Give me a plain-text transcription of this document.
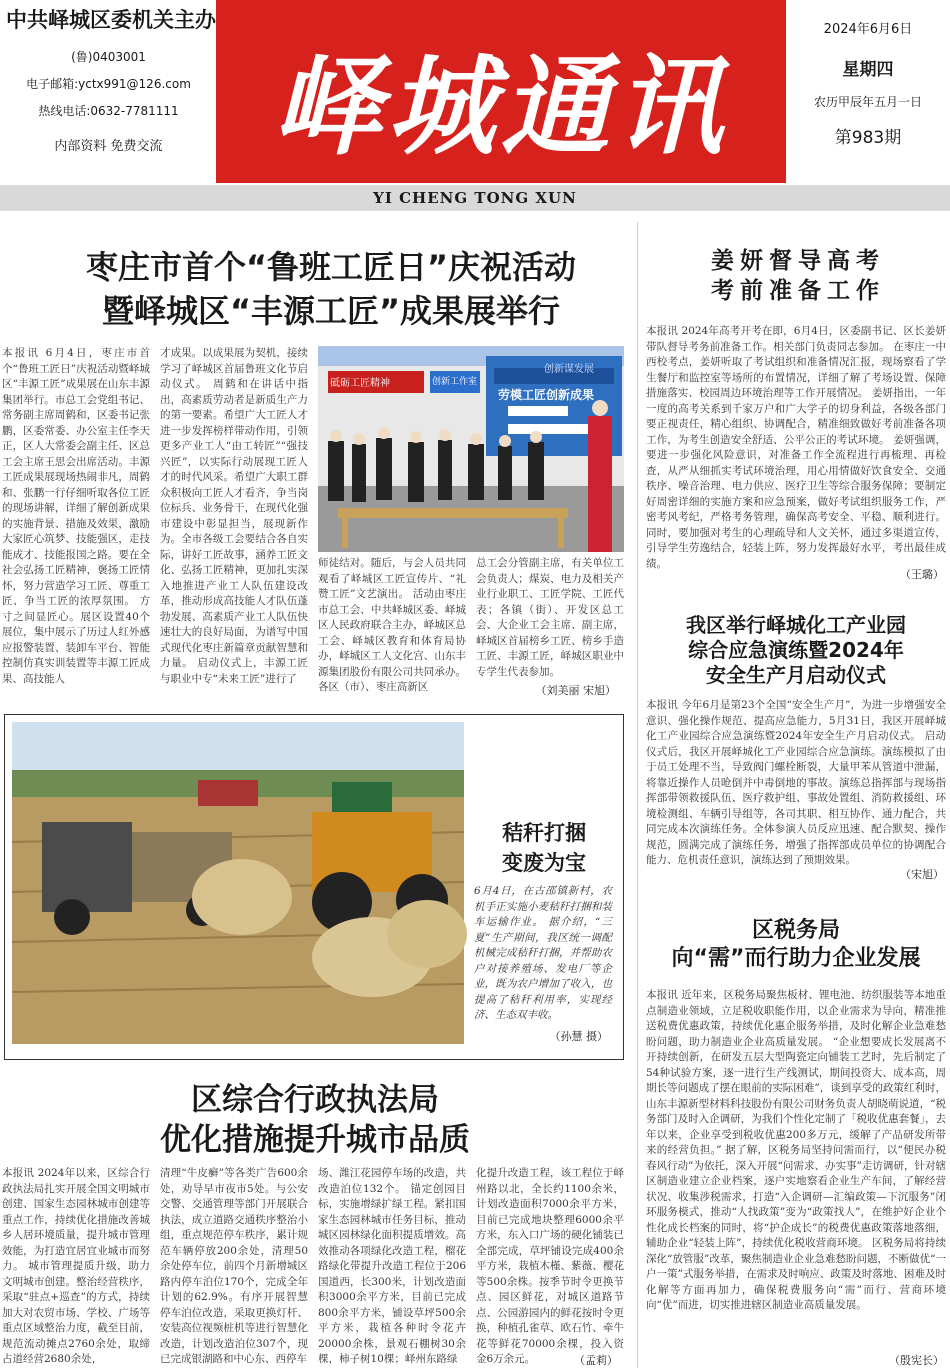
中共峄城区委机关主办
(鲁)0403001
电子邮箱:yctx991@126.com
热线电话:0632-7781111
内部资料 免费交流	峄城通讯
2024年6月6日
星期四
农历甲辰年五月一日
第983期
YI CHENG TONG XUN
枣庄市首个“鲁班工匠日”庆祝活动
暨峄城区“丰源工匠”成果展举行
本报讯 6月4日，枣庄市首个“鲁班工匠日”庆祝活动暨峄城区“丰源工匠”成果展在山东丰源集团举行。市总工会党组书记、常务副主席周鹤和，区委书记张鹏，区委常委、办公室主任李天正，区人大常委会副主任、区总工会主席王思会出席活动。丰源工匠成果展现场热闹非凡，周鹤和、张鹏一行仔细听取各位工匠的现场讲解，详细了解创新成果的实施背景、措施及效果，激励大家匠心筑梦、技能强区，走技能成才、技能报国之路。要在全社会弘扬工匠精神，褒扬工匠情怀，努力营造学习工匠、尊重工匠、争当工匠的浓厚氛围。 方寸之间显匠心。展区设置40个展位，集中展示了历过人红外感应报警装置、装卸车平台、智能控制仿真实训装置等丰源工匠成果、高技能人
才成果。以成果展为契机，接续学习了峄城区首届鲁班文化节启动仪式。 周鹤和在讲话中指出，高素质劳动者是新质生产力的第一要素。希望广大工匠人才进一步发挥榜样带动作用，引领更多产业工人“由工转匠”“强技兴匠”，以实际行动展现工匠人才的时代风采。希望广大职工群众积极向工匠人才看齐，争当岗位标兵、业务骨干，在现代化强市建设中彰显担当，展现新作为。全市各级工会要结合各自实际，讲好工匠故事，涵养工匠文化、弘扬工匠精神，更加扎实深入地推进产业工人队伍建设改革，推动形成高技能人才队伍蓬勃发展、高素质产业工人队伍快速壮大的良好局面，为谱写中国式现代化枣庄新篇章贡献智慧和力量。 启动仪式上，丰源工匠与职业中专“未来工匠”进行了
砥砺工匠精神	创新工作室
劳模工匠创新成果
创新谋发展
师徒结对。随后，与会人员共同观看了峄城区工匠宣传片、“礼赞工匠”文艺演出。 活动由枣庄市总工会、中共峄城区委、峄城区人民政府联合主办，峄城区总工会、峄城区教育和体育局协办，峄城区工人文化宫、山东丰源集团股份有限公司共同承办。 各区（市）、枣庄高新区
总工会分管副主席，有关单位工会负责人；煤炭、电力及相关产业行业职工、工匠学院、工匠代表；各镇（街）、开发区总工会、大企业工会主席、副主席，峄城区首届榜乡工匠、榜乡手造工匠、丰源工匠，峄城区职业中专学生代表参加。
（刘美丽 宋旭）
秸秆打捆
变废为宝
6月4日，在古邵镇新村，农机手正实施小麦秸秆打捆和装车运输作业。 据介绍，“三夏”生产期间，我区统一调配机械完成秸秆打捆，并帮助农户对接养殖场、发电厂等企业，既为农户增加了收入，也提高了秸秆利用率，实现经济、生态双丰收。
（孙慧 摄）
区综合行政执法局
优化措施提升城市品质
本报讯 2024年以来，区综合行政执法局扎实开展全国文明城市创建、国家生态园林城市创建等重点工作，持续优化措施改善城乡人居环境质量，提升城市管理效能，为打造宜居宜业城市而努力。 城市管理提质升级，助力文明城市创建。整治经营秩序，采取“驻点+巡查”的方式，持续加大对农贸市场、学校、广场等重点区域整治力度，截至目前，规范流动摊点2760余处，取缔占道经营2680余处，
清理“牛皮癣”等各类广告600余处，劝导早市夜市5处。与公安交警、交通管理等部门开展联合执法，成立道路交通秩序整治小组，重点规范停车秩序，累计规范车辆停放200余处，清理50余处停车位，前四个月新增城区路内停车泊位170个，完成全年计划的62.9%。有序开展智慧停车泊位改造，采取更换灯杆、安装高位视频桩机等进行智慧化改造，计划改造泊位307个，现已完成银湖路和中心东、西停车
场、潍江花园停车场的改造，共改造泊位132个。 锚定创园目标，实施增绿扩绿工程。紧扣国家生态园林城市任务目标，推动城区园林绿化面积提质增效。高效推动各项绿化改造工程，榴花路绿化带提升改造工程位于206国道西，长300米，计划改造面积3000余平方米，目前已完成800余平方米，铺设草坪500余平方米，栽植各种时令花卉20000余株，景观石棚树30余棵，柿子树10棵；峄州东路绿
化提升改造工程，该工程位于峄州路以北，全长约1100余米，计划改造面积7000余平方米，目前已完成地块整理6000余平方米，东入口广场的硬化铺装已全部完成，草坪铺设完成400余平方米，栽植木槿、紫薇、樱花等500余株。按季节时令更换节点、园区鲜花，对城区道路节点、公园游园内的鲜花按时令更换，种植孔雀草、欧石竹、牵牛花等鲜花70000余棵，投入资金6万余元。	（孟莉）
姜妍督导高考
考前准备工作
本报讯 2024年高考开考在即，6月4日，区委副书记、区长姜妍带队督导考务前准备工作。相关部门负责同志参加。 在枣庄一中西校考点，姜妍听取了考试组织和准备情况汇报，现场察看了学生餐厅和监控室等场所的布置情况，详细了解了考场设置、保障措施落实、校园周边环境治理等工作开展情况。 姜妍指出，一年一度的高考关系到千家万户和广大学子的切身利益，各级各部门要正视责任，精心组织、协调配合，精准细致做好考前准备各项工作，为考生创造安全舒适、公平公正的考试环境。 姜妍强调，要进一步强化风险意识，对准备工作全流程进行再梳理、再检查，从严从细抓实考试环境治理，用心用情做好饮食安全、交通秩序、噪音治理、电力供应、医疗卫生等综合服务保障；要制定好周密详细的实施方案和应急预案，做好考试组织服务工作，严密考风考纪，严格考务管理，确保高考安全、平稳、顺利进行。同时，要加强对考生的心理疏导和人文关怀，通过多渠道宣传，引导学生劳逸结合，轻装上阵，努力发挥最好水平，考出最佳成绩。
（王璐）
我区举行峄城化工产业园
综合应急演练暨2024年
安全生产月启动仪式
本报讯 今年6月是第23个全国“安全生产月”，为进一步增强安全意识、强化操作规范、提高应急能力，5月31日，我区开展峄城化工产业园综合应急演练暨2024年安全生产月启动仪式。 启动仪式后，我区开展峄城化工产业园综合应急演练。演练模拟了由于员工处理不当，导致阀门螺栓断裂，大量甲苯从管道中泄漏，将靠近操作人员呛倒并中毒倒地的事故。演练总指挥部与现场指挥部带领救援队伍、医疗救护组、事故处置组、消防救援组、环境检测组、车辆引导组等，各司其职、相互协作、通力配合，共同完成本次演练任务。全体参演人员反应迅速、配合默契、操作规范，圆满完成了演练任务，增强了指挥部成员单位的协调配合能力、危机责任意识，演练达到了预期效果。
（宋旭）
区税务局
向“需”而行助力企业发展
本报讯 近年来，区税务局聚焦板材、锂电池、纺织服装等本地重点制造业领域，立足税收职能作用，以企业需求为导向，精准推送税费优惠政策，持续优化惠企服务举措，及时化解企业急难愁盼问题，助力制造业企业高质量发展。 “企业想要成长发展离不开持续创新，在研发五层大型陶瓷定向铺装工艺时，先后制定了54种试验方案，逐一进行生产线测试，期间投资大、成本高，周期长等问题成了摆在眼前的实际困难”，谈到享受的政策红利时，山东丰源新型材料科技股份有限公司财务负责人胡晓萌说道，“税务部门及时入企调研，为我们个性化定制了「税收优惠套餐」，去年以来，企业享受到税收优惠200多万元，缓解了产品研发所带来的经营负担。” 据了解，区税务局坚持问需而行，以“便民办税春风行动”为依托，深入开展“问需求、办实事”走访调研，针对辖区制造业建立企业档案，逐户实地察看企业生产车间，了解经营状况、收集涉税需求，打造“入企调研—汇编政策—下沉服务”闭环服务模式，推动“人找政策”变为“政策找人”，在维护好企业个性化成长档案的同时，将“护企成长”的税费优惠政策落地落细，辅助企业“轻装上阵”，持续优化税收营商环境。 区税务局将持续深化“放管服”改革，聚焦制造业企业急难愁盼问题，不断做优“一户一策”式服务举措，在需求及时响应、政策及时落地、困难及时化解等方面再加力，确保税费服务向“需”而行、营商环境向“优”而进，切实推进辖区制造业高质量发展。
（殷宪长）
